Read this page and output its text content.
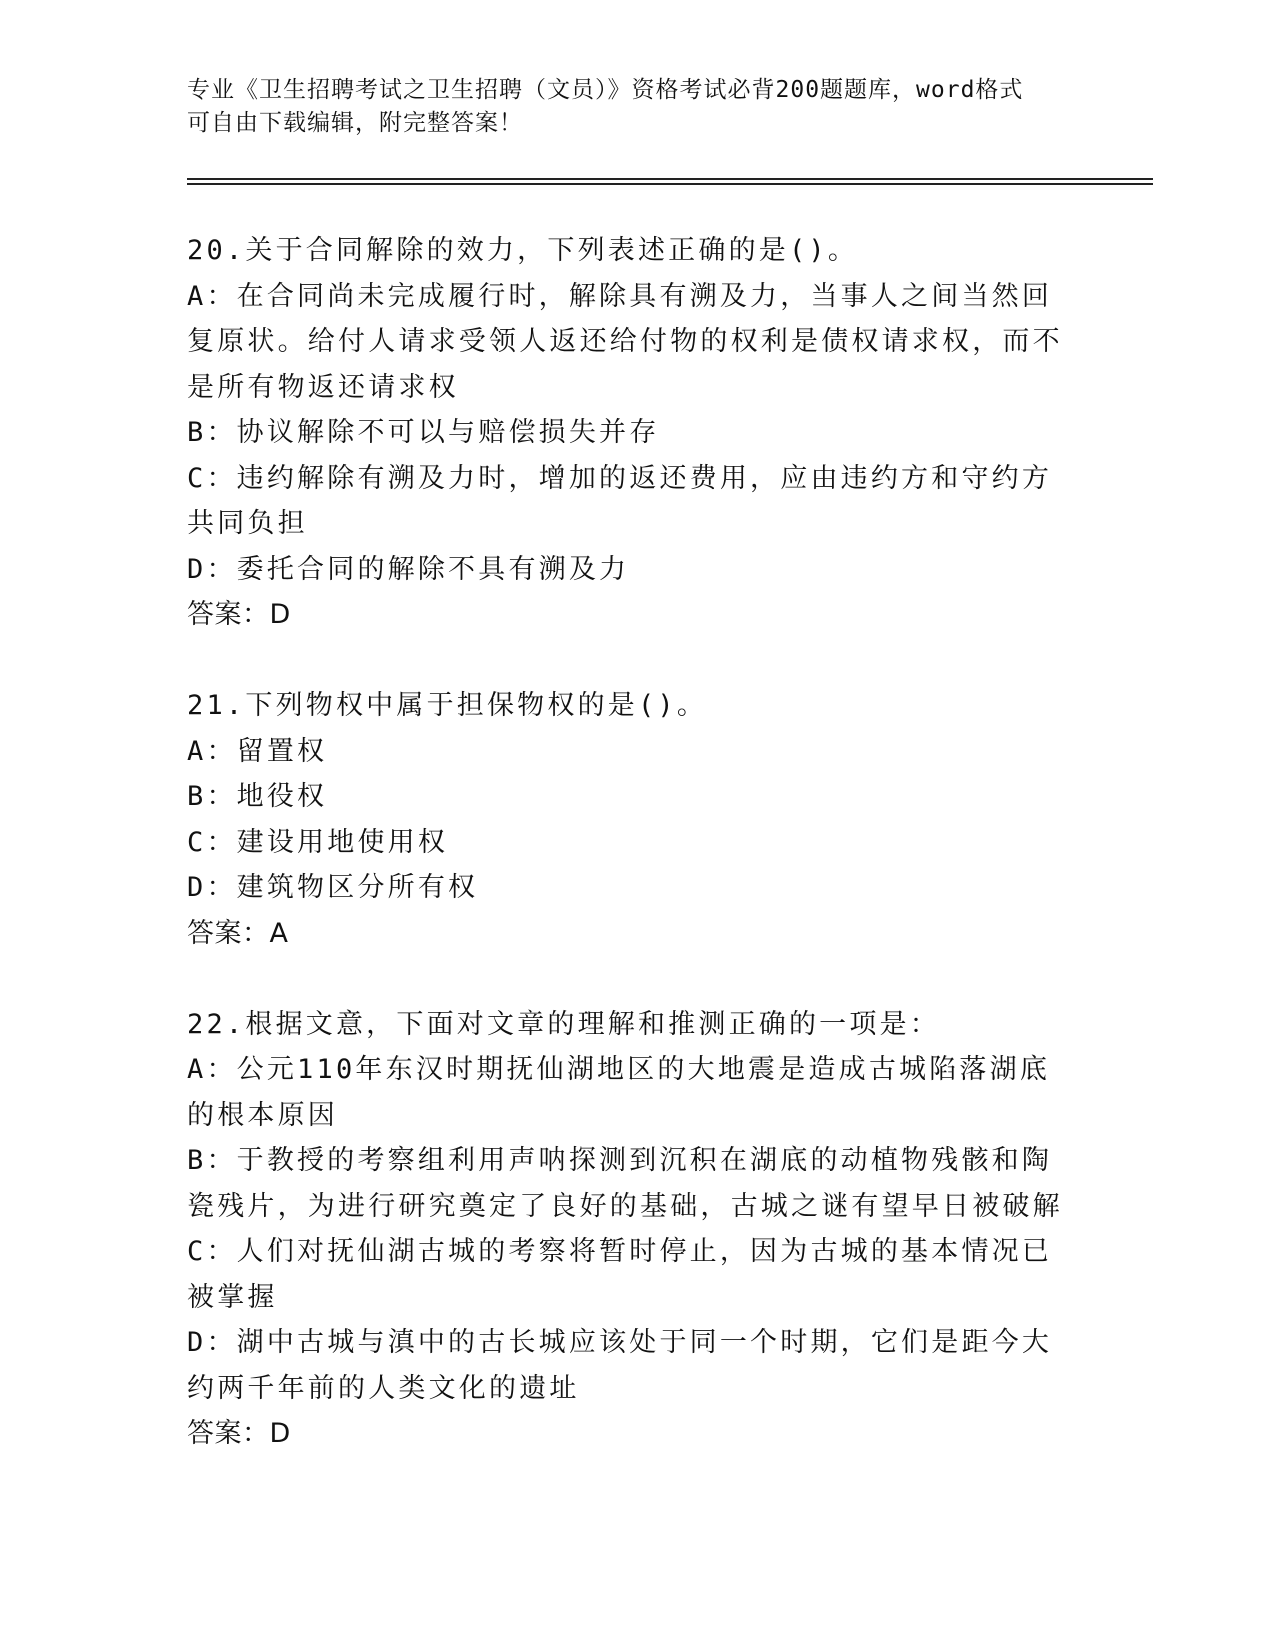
专业《卫生招聘考试之卫生招聘（文员）》资格考试必背200题题库，word格式
可自由下载编辑，附完整答案！
20.关于合同解除的效力，下列表述正确的是()。
A：在合同尚未完成履行时，解除具有溯及力，当事人之间当然回复原状。给付人请求受领人返还给付物的权利是债权请求权，而不是所有物返还请求权
B：协议解除不可以与赔偿损失并存
C：违约解除有溯及力时，增加的返还费用，应由违约方和守约方共同负担
D：委托合同的解除不具有溯及力
答案：D
21.下列物权中属于担保物权的是()。
A：留置权
B：地役权
C：建设用地使用权
D：建筑物区分所有权
答案：A
22.根据文意，下面对文章的理解和推测正确的一项是：
A：公元110年东汉时期抚仙湖地区的大地震是造成古城陷落湖底的根本原因
B：于教授的考察组利用声呐探测到沉积在湖底的动植物残骸和陶瓷残片，为进行研究奠定了良好的基础，古城之谜有望早日被破解
C：人们对抚仙湖古城的考察将暂时停止，因为古城的基本情况已被掌握
D：湖中古城与滇中的古长城应该处于同一个时期，它们是距今大约两千年前的人类文化的遗址
答案：D
